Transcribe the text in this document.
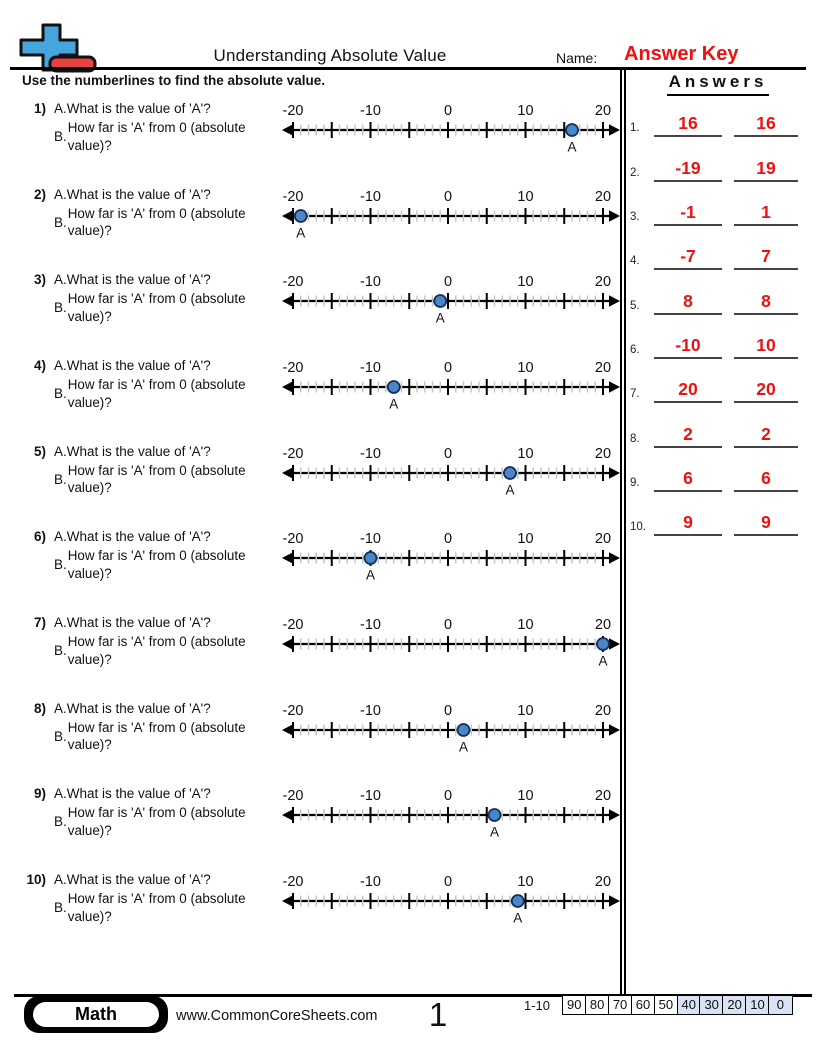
Understanding Absolute Value	Name: Answer Key
Use the numberlines to find the absolute value.
1) A.What is the value of 'A'?
B.
How far is 'A' from 0 (absolute value)?
-20	-10	0	10	20
A
2) A.What is the value of 'A'?
B.
How far is 'A' from 0 (absolute value)?
-20	-10	0	10	20
A
3) A.What is the value of 'A'?
B.
How far is 'A' from 0 (absolute value)?
-20	-10	0	10	20
A
4) A.What is the value of 'A'?
B.
How far is 'A' from 0 (absolute value)?
-20	-10	0	10	20
A
5) A.What is the value of 'A'?
B.
How far is 'A' from 0 (absolute value)?
-20	-10	0	10	20
A
6) A.What is the value of 'A'?
B.
How far is 'A' from 0 (absolute value)?
-20	-10	0	10	20
A
7) A.What is the value of 'A'?
B.
How far is 'A' from 0 (absolute value)?
-20	-10	0	10	20
A
8) A.What is the value of 'A'?
B.
How far is 'A' from 0 (absolute value)?
-20	-10	0	10	20
A
9) A.What is the value of 'A'?
B.
How far is 'A' from 0 (absolute value)?
-20	-10	0	10	20
A
10) A.What is the value of 'A'?
B.
How far is 'A' from 0 (absolute value)?
-20	-10	0	10	20
A
Answers
1.	16	16
2.	-19	19
3.	-1	1
4.	-7	7
5.	8	8
6.	-10	10
7.	20	20
8.	2	2
9.	6	6
10.	9	9
Math	www.CommonCoreSheets.com	1	1-10	90 80 70 60 50 40 30 20 10 0
